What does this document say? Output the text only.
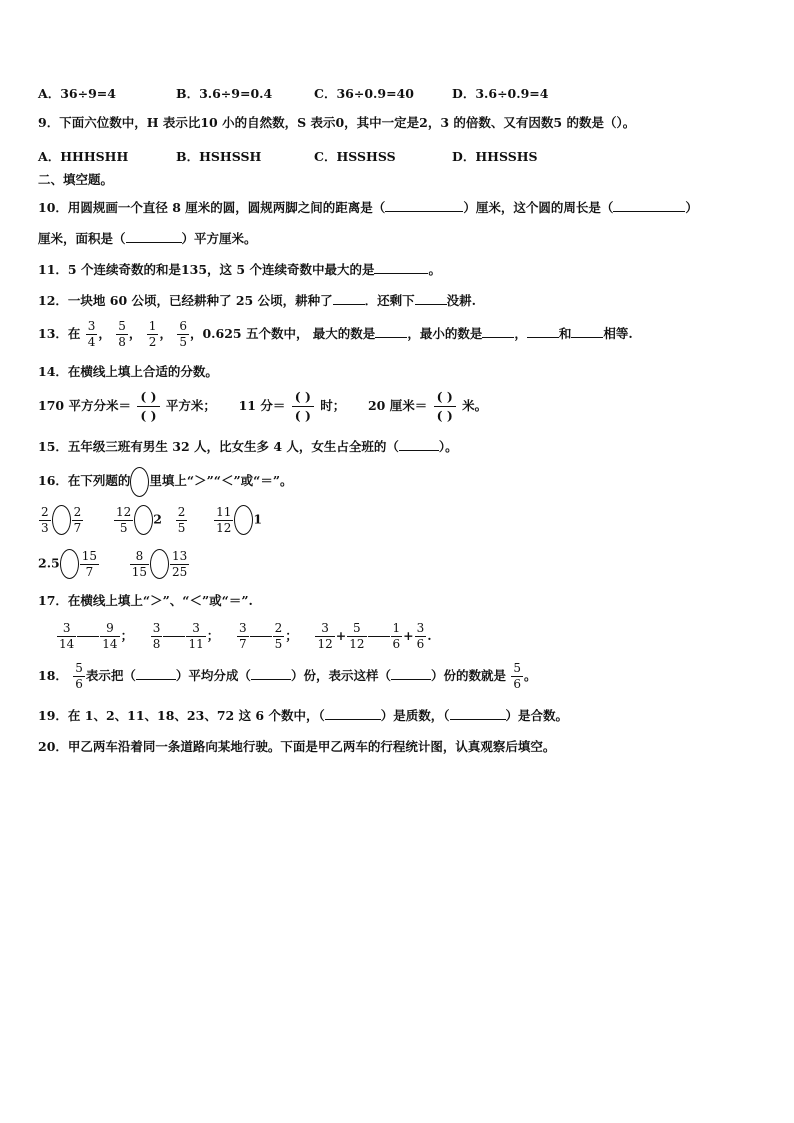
A．36÷9=4	B．3.6÷9=0.4	C．36÷0.9=40	D．3.6÷0.9=4
9．下面六位数中，H 表示比10 小的自然数，S 表示0，其中一定是2，3 的倍数、又有因数5 的数是（）。
A．HHHSHH	B．HSHSSH	C．HSSHSS	D．HHSSHS
二、填空题。
10．用圆规画一个直径 8 厘米的圆，圆规两脚之间的距离是（	）厘米，这个圆的周长是（	）
厘米，面积是（	）平方厘米。
11．5 个连续奇数的和是135，这 5 个连续奇数中最大的是	。
12．一块地 60 公顷，已经耕种了 25 公顷，耕种了	．还剩下	没耕.
13．在 $\frac{3}{4}$ ， $\frac{5}{8}$ ， $\frac{1}{2}$ ， $\frac{6}{5}$ ，0.625 五个数中， 最大的数是	，最小的数是	，	和	相等.
14．在横线上填上合适的分数。
170 平方分米＝
( )
( )
平方米； 11 分＝
( )
( )
时； 20 厘米＝
( )
( )
米。
15．五年级三班有男生 32 人，比女生多 4 人，女生占全班的（	）。
16．在下列题的 里填上“＞”“＜”或“＝”。
$\frac{2}{3} \frac{2}{7}$
	$\frac{12}{5} 2 \frac{2}{5}$
$\frac{11}{12} 1$
$2.5 \frac{15}{7}$
	$\frac{8}{15} \frac{13}{25}$
17．在横线上填上“＞”、“＜”或“＝”.
$\frac{3}{14} \frac{9}{14}$ ； $\frac{3}{8} \frac{3}{11}$ ； $\frac{3}{7} \frac{2}{5}$ ； $\frac{3}{12} + \frac{5}{12} \frac{1}{6} + \frac{3}{6}$ .
18． $\frac{5}{6}$ 表示把（	）平均分成（	）份，表示这样（	）份的数就是 $\frac{5}{6}$ 。
19．在 1、2、11、18、23、72 这 6 个数中，（	）是质数，（	）是合数。
20．甲乙两车沿着同一条道路向某地行驶。下面是甲乙两车的行程统计图，认真观察后填空。
